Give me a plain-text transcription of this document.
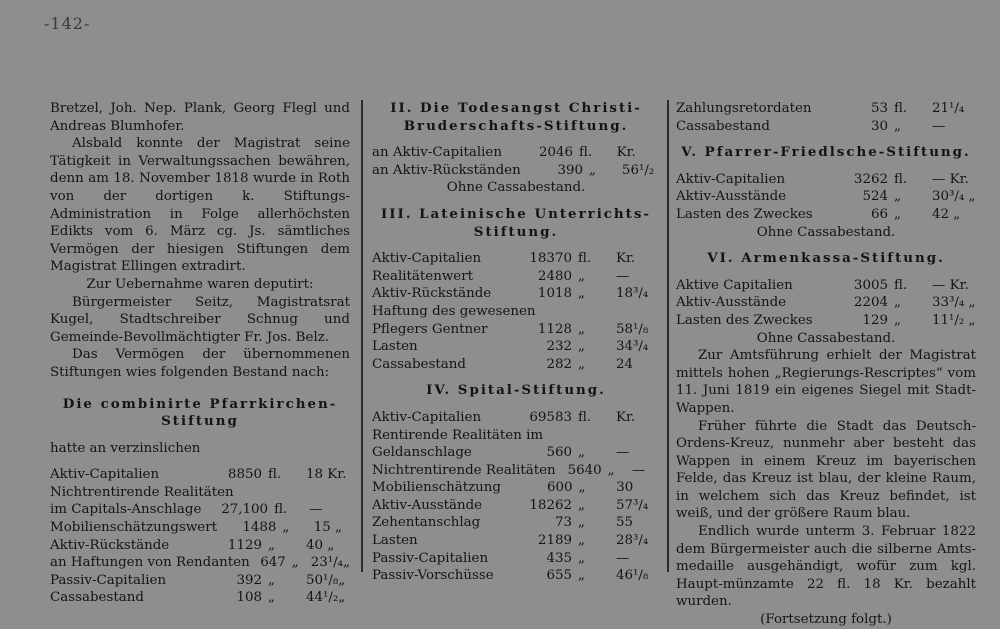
-142-

Bretzel, Joh. Nep. Plank, Georg Flegl und Andreas Blumhofer.

Alsbald konnte der Magistrat seine Tätigkeit in Verwaltungssachen bewähren, denn am 18. November 1818 wurde in Roth von der dortigen k. Stiftungs-Administration in Folge allerhöchsten Edikts vom 6. März cg. Js. sämtliches Vermögen der hiesigen Stiftungen dem Magistrat Ellingen extradirt.

Zur Uebernahme waren deputirt:

Bürgermeister Seitz, Magistratsrat Kugel, Stadtschreiber Schnug und Gemeinde-Bevollmächtigter Fr. Jos. Belz.

Das Vermögen der übernommenen Stiftungen wies folgenden Bestand nach:

Die combinirte Pfarrkirchen-

Stiftung

hatte an verzinslichen

Aktiv-Capitalien	8850 fl.	18 Kr.
Nichtrentirende Realitäten
im Capitals-Anschlage	27,100 fl.	—
Mobilienschätzungswert	1488 „	15 „
Aktiv-Rückstände	1129 „	40 „
an Haftungen von Rendanten 647 „ 23¹/₄„
Passiv-Capitalien	392 „	50¹/₈„
Cassabestand	108 „	44¹/₂„

II. Die Todesangst Christi-

Bruderschafts-Stiftung.

an Aktiv-Capitalien	2046 fl.	Kr.
an Aktiv-Rückständen	390 „	56¹/₂

Ohne Cassabestand.

III. Lateinische Unterrichts-

Stiftung.

Aktiv-Capitalien	18370 fl.	Kr.
Realitätenwert	2480 „	—
Aktiv-Rückstände	1018 „	18³/₄
Haftung des gewesenen
Pflegers Gentner	1128 „	58¹/₈
Lasten	232 „	34³/₄
Cassabestand	282 „	24

IV. Spital-Stiftung.

Aktiv-Capitalien	69583 fl.	Kr.
Rentirende Realitäten im
Geldanschlage	560 „	—
Nichtrentirende Realitäten 5640 „	—
Mobilienschätzung	600 „	30
Aktiv-Ausstände	18262 „	57³/₄
Zehentanschlag	73 „	55
Lasten	2189 „	28³/₄
Passiv-Capitalien	435 „	—
Passiv-Vorschüsse	655 „	46¹/₈
Zahlungsretordaten	53 fl.	21¹/₄
Cassabestand	30 „	—

V. Pfarrer-Friedlsche-Stiftung.

Aktiv-Capitalien	3262 fl.	— Kr.
Aktiv-Ausstände	524 „	30³/₄ „
Lasten des Zweckes	66 „	42 „

Ohne Cassabestand.

VI. Armenkassa-Stiftung.

Aktive Capitalien	3005 fl.	— Kr.
Aktiv-Ausstände	2204 „	33³/₄ „
Lasten des Zweckes	129 „	11¹/₂ „

Ohne Cassabestand.

Zur Amtsführung erhielt der Magistrat mittels hohen „Regierungs-Rescriptes“ vom 11. Juni 1819 ein eigenes Siegel mit Stadt-Wappen.

Früher führte die Stadt das Deutsch-Ordens-Kreuz, nunmehr aber besteht das Wappen in einem Kreuz im bayerischen Felde, das Kreuz ist blau, der kleine Raum, in welchem sich das Kreuz befindet, ist weiß, und der größere Raum blau.

Endlich wurde unterm 3. Februar 1822 dem Bürgermeister auch die silberne Amts-medaille ausgehändigt, wofür zum kgl. Haupt-münzamte 22 fl. 18 Kr. bezahlt wurden.

(Fortsetzung folgt.)
